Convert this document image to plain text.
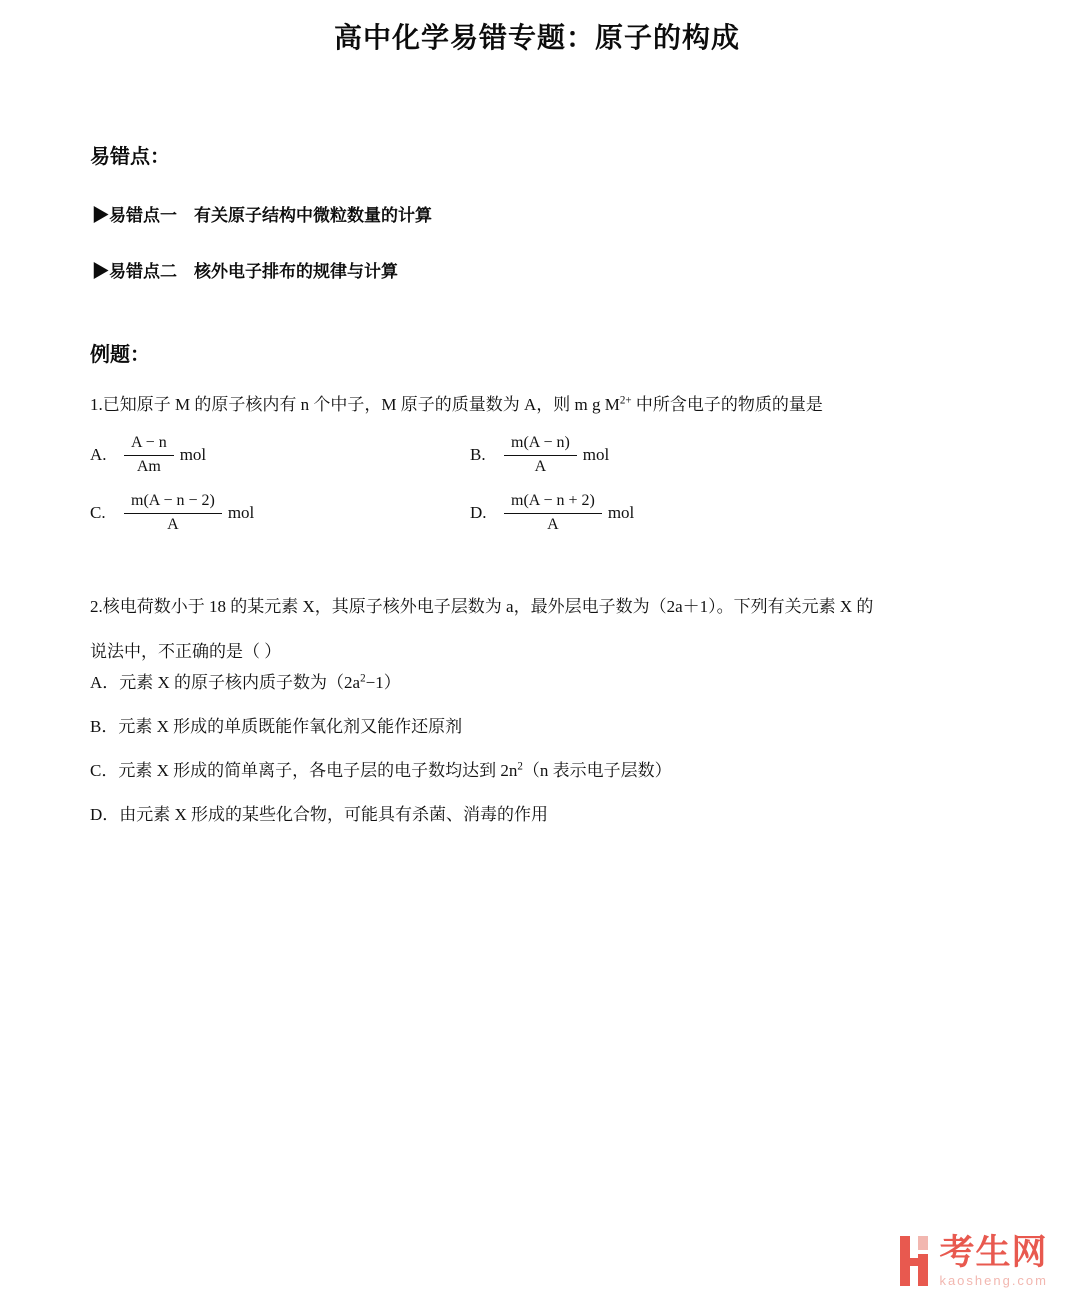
高中化学易错专题：原子的构成
易错点：

▶易错点一　有关原子结构中微粒数量的计算

▶易错点二　核外电子排布的规律与计算

例题：

1.已知原子 M 的原子核内有 n 个中子，M 原子的质量数为 A，则 m g $M^{2+}$ 中所含电子的物质的量是

A.	$\frac{A - n}{Am}$ mol	B.	$\frac{m(A - n)}{A}$ mol
C.	$\frac{m(A - n - 2)}{A}$ mol	D.	$\frac{m(A - n + 2)}{A}$ mol

2.核电荷数小于 18 的某元素 X，其原子核外电子层数为 a，最外层电子数为（2a＋1）。下列有关元素 X 的

说法中，不正确的是（ ）

A．元素 X 的原子核内质子数为$(2a^2-1)$

B．元素 X 形成的单质既能作氧化剂又能作还原剂

C．元素 X 形成的简单离子，各电子层的电子数均达到 $2n^2(n$ 表示电子层数）

D．由元素 X 形成的某些化合物，可能具有杀菌、消毒的作用

考生网
kaosheng.com
